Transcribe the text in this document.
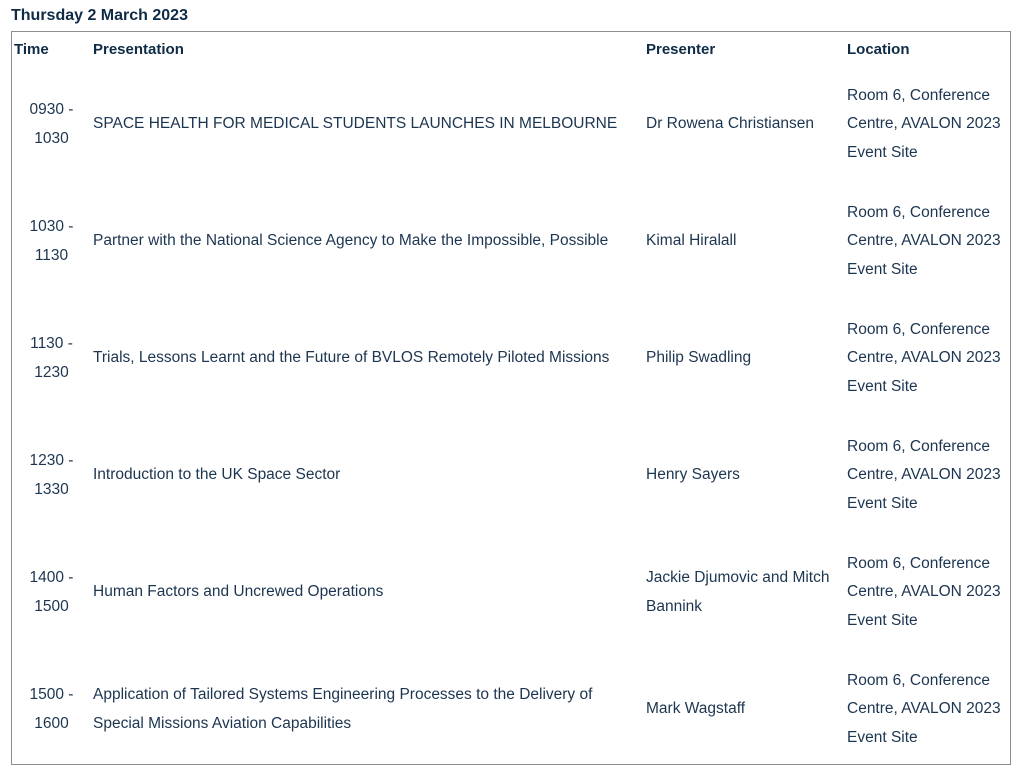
Thursday 2 March 2023
Time	Presentation	Presenter	Location
0930 - 1030	SPACE HEALTH FOR MEDICAL STUDENTS LAUNCHES IN MELBOURNE	Dr Rowena Christiansen	Room 6, Conference Centre, AVALON 2023 Event Site
1030 - 1130	Partner with the National Science Agency to Make the Impossible, Possible	Kimal Hiralall	Room 6, Conference Centre, AVALON 2023 Event Site
1130 - 1230	Trials, Lessons Learnt and the Future of BVLOS Remotely Piloted Missions	Philip Swadling	Room 6, Conference Centre, AVALON 2023 Event Site
1230 - 1330	Introduction to the UK Space Sector	Henry Sayers	Room 6, Conference Centre, AVALON 2023 Event Site
1400 - 1500	Human Factors and Uncrewed Operations	Jackie Djumovic and Mitch Bannink	Room 6, Conference Centre, AVALON 2023 Event Site
1500 - 1600	Application of Tailored Systems Engineering Processes to the Delivery of Special Missions Aviation Capabilities	Mark Wagstaff	Room 6, Conference Centre, AVALON 2023 Event Site
